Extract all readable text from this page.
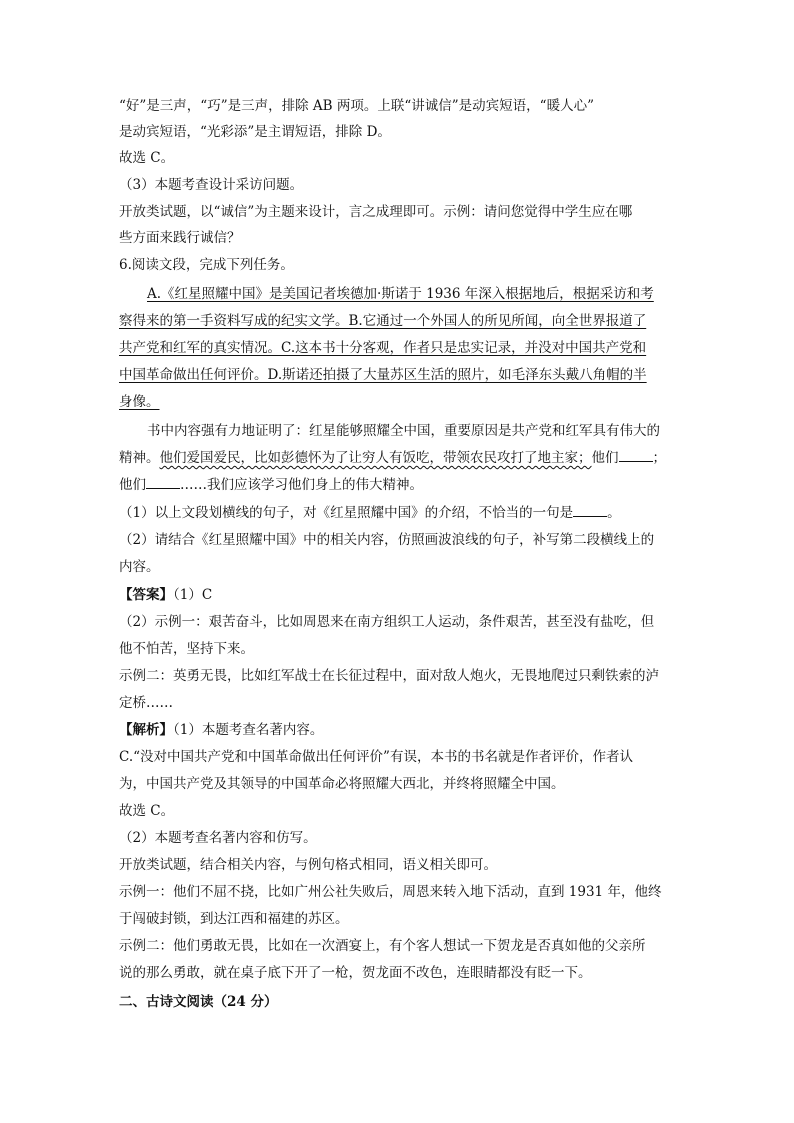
“好”是三声，“巧”是三声，排除 AB 两项。上联“讲诚信”是动宾短语，“暖人心”
是动宾短语，“光彩添”是主谓短语，排除 D。
故选 C。
（3）本题考查设计采访问题。
开放类试题，以“诚信”为主题来设计，言之成理即可。示例：请问您觉得中学生应在哪
些方面来践行诚信？
6.阅读文段，完成下列任务。
A.《红星照耀中国》是美国记者埃德加·斯诺于 1936 年深入根据地后，根据采访和考
察得来的第一手资料写成的纪实文学。B.它通过一个外国人的所见所闻，向全世界报道了
共产党和红军的真实情况。C.这本书十分客观，作者只是忠实记录，并没对中国共产党和
中国革命做出任何评价。D.斯诺还拍摄了大量苏区生活的照片，如毛泽东头戴八角帽的半
身像。
书中内容强有力地证明了：红星能够照耀全中国，重要原因是共产党和红军具有伟大的
精神。他们爱国爱民，比如彭德怀为了让穷人有饭吃，带领农民攻打了地主家；他们	；
他们	……我们应该学习他们身上的伟大精神。
（1）以上文段划横线的句子，对《红星照耀中国》的介绍，不恰当的一句是	。
（2）请结合《红星照耀中国》中的相关内容，仿照画波浪线的句子，补写第二段横线上的
内容。
【答案】（1）C
（2）示例一：艰苦奋斗，比如周恩来在南方组织工人运动，条件艰苦，甚至没有盐吃，但
他不怕苦，坚持下来。
示例二：英勇无畏，比如红军战士在长征过程中，面对敌人炮火，无畏地爬过只剩铁索的泸
定桥……
【解析】（1）本题考查名著内容。
C.“没对中国共产党和中国革命做出任何评价”有误，本书的书名就是作者评价，作者认
为，中国共产党及其领导的中国革命必将照耀大西北，并终将照耀全中国。
故选 C。
（2）本题考查名著内容和仿写。
开放类试题，结合相关内容，与例句格式相同，语义相关即可。
示例一：他们不屈不挠，比如广州公社失败后，周恩来转入地下活动，直到 1931 年，他终
于闯破封锁，到达江西和福建的苏区。
示例二：他们勇敢无畏，比如在一次酒宴上，有个客人想试一下贺龙是否真如他的父亲所
说的那么勇敢，就在桌子底下开了一枪，贺龙面不改色，连眼睛都没有眨一下。
二、古诗文阅读（24 分）
